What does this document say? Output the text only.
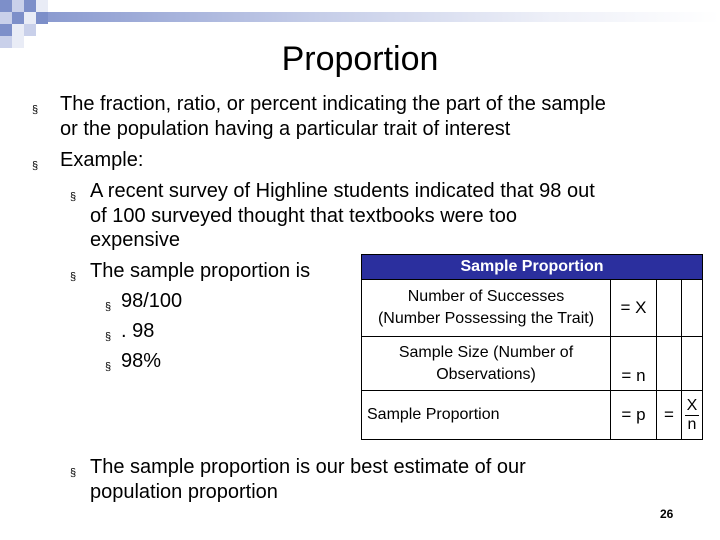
Proportion
§ The fraction, ratio, or percent indicating the part of the sample
or the population having a particular trait of interest
§ Example:
§ A recent survey of Highline students indicated that 98 out
of 100 surveyed thought that textbooks were too
expensive
§ The sample proportion is
§ 98/100
§ . 98
§ 98%
§ The sample proportion is our best estimate of our
population proportion
Sample Proportion			

Number of Successes
(Number Possessing the Trait)	= X		

Sample Size (Number of
Observations)	= n		
Sample Proportion	= p	=	$\frac{X}{n}$
26
